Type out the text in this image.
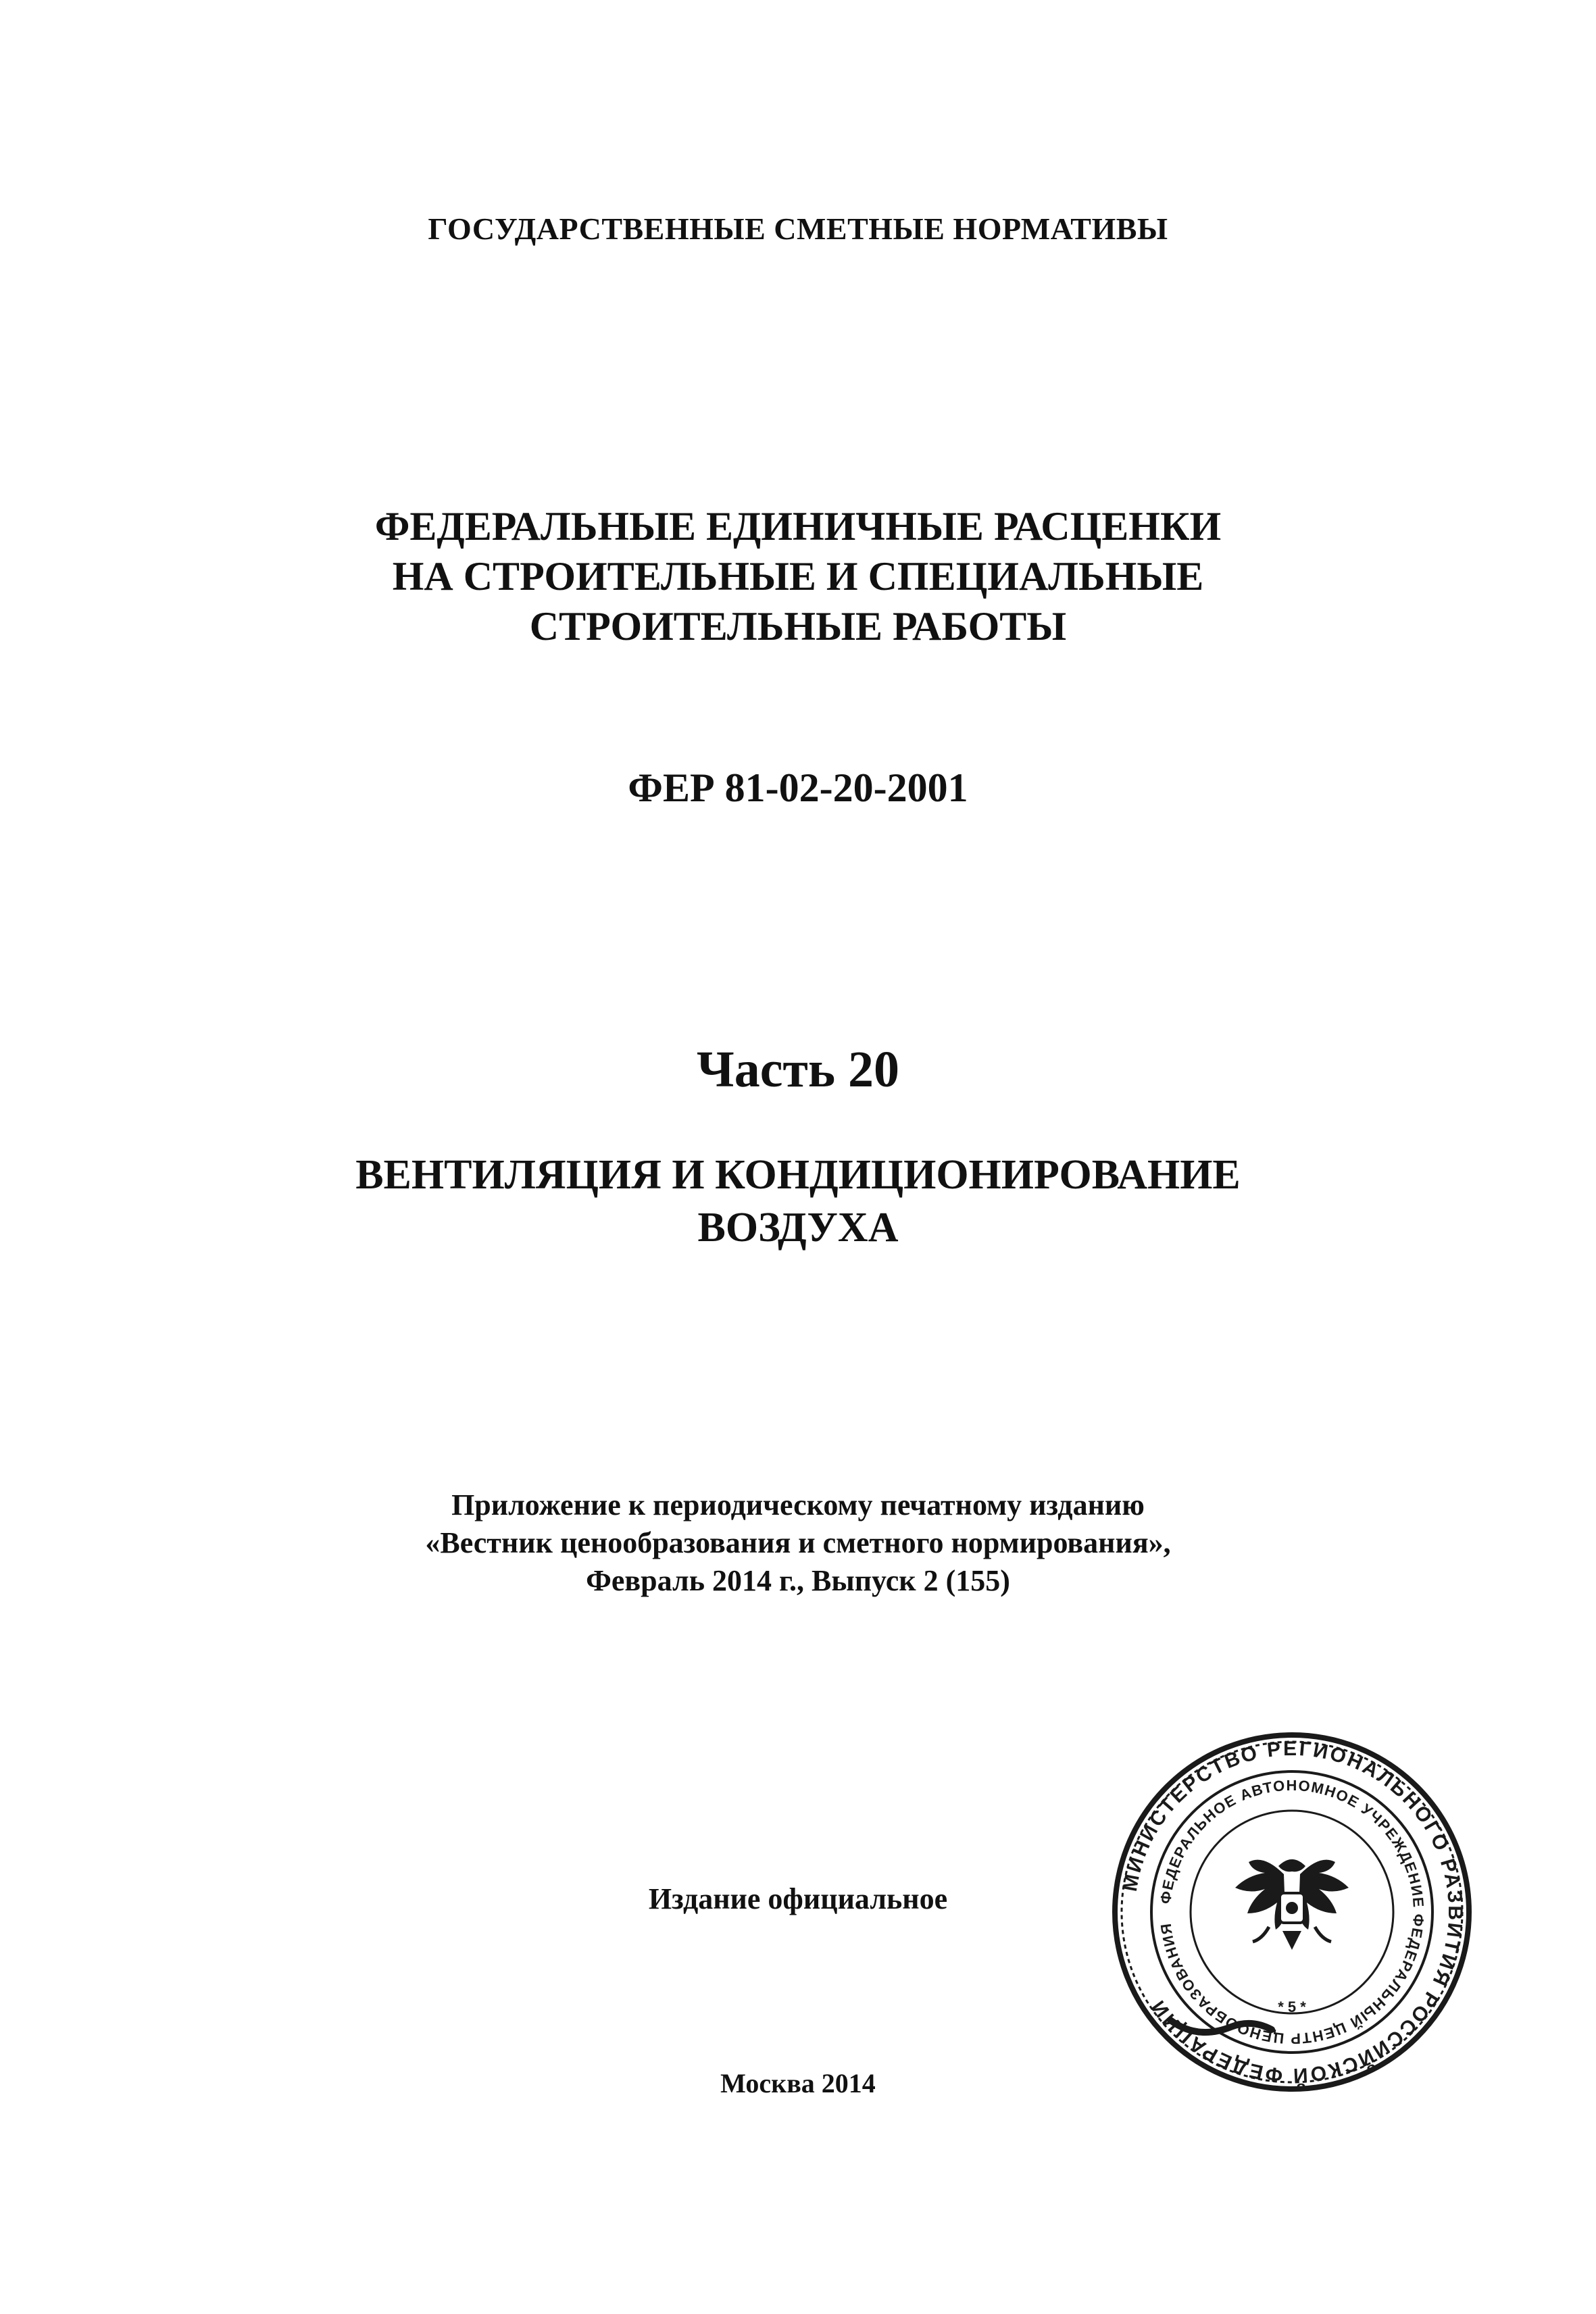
ГОСУДАРСТВЕННЫЕ СМЕТНЫЕ НОРМАТИВЫ
ФЕДЕРАЛЬНЫЕ ЕДИНИЧНЫЕ РАСЦЕНКИ
НА СТРОИТЕЛЬНЫЕ И СПЕЦИАЛЬНЫЕ
СТРОИТЕЛЬНЫЕ РАБОТЫ
ФЕР 81-02-20-2001
Часть 20
ВЕНТИЛЯЦИЯ И КОНДИЦИОНИРОВАНИЕ
ВОЗДУХА
Приложение к периодическому печатному изданию
«Вестник ценообразования и сметного нормирования»,
Февраль 2014 г., Выпуск 2 (155)
Издание официальное
Москва 2014
МИНИСТЕРСТВО РЕГИОНАЛЬНОГО РАЗВИТИЯ РОССИЙСКОЙ ФЕДЕРАЦИИ
ФЕДЕРАЛЬНОЕ АВТОНОМНОЕ УЧРЕЖДЕНИЕ ФЕДЕРАЛЬНЫЙ ЦЕНТР ЦЕНООБРАЗОВАНИЯ
* 5 *
